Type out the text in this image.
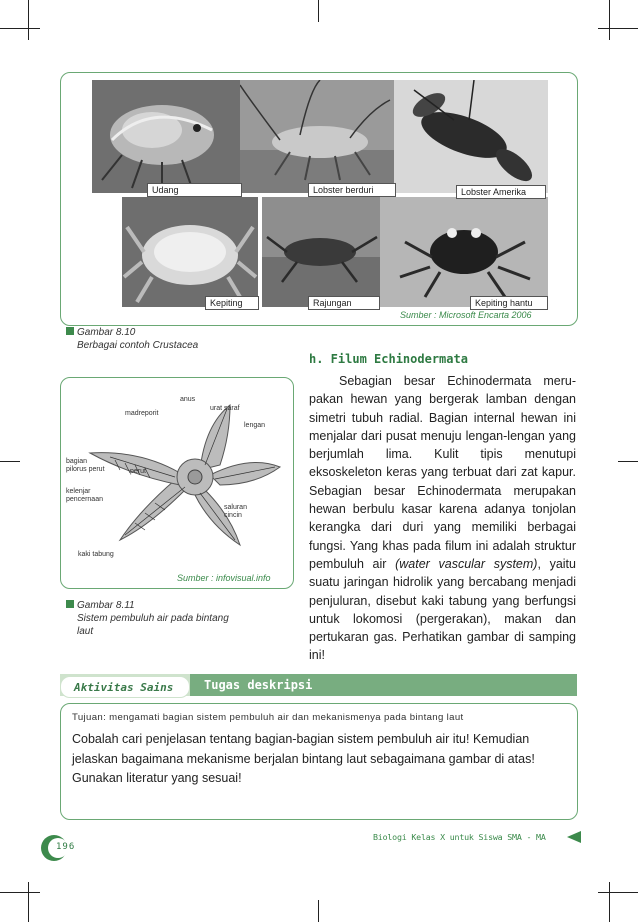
Udang	Lobster berduri	Lobster Amerika
Kepiting	Rajungan	Kepiting hantu
Sumber : Microsoft Encarta 2006
Gambar 8.10
Berbagai contoh Crustacea
anus
madreporit
urat saraf
lengan
bagian
pilorus perut	perut
kelenjar
pencernaan
saluran
cincin
kaki tabung
Sumber : infovisual.info
Gambar 8.11
Sistem pembuluh air pada bintang
laut
h. Filum Echinodermata

Sebagian besar Echinodermata meru-pakan hewan yang bergerak lamban dengan simetri tubuh radial. Bagian internal hewan ini menjalar dari pusat menuju lengan-lengan yang berjumlah lima. Kulit tipis menutupi eksoskeleton keras yang terbuat dari zat kapur. Sebagian besar Echinodermata merupakan hewan berbulu kasar karena adanya tonjolan kerangka dari duri yang memiliki berbagai fungsi. Yang khas pada filum ini adalah struktur pembuluh air (water vascular system), yaitu suatu jaringan hidrolik yang bercabang menjadi penjuluran, disebut kaki tabung yang berfungsi untuk lokomosi (pergerakan), makan dan pertukaran gas. Perhatikan gambar di samping ini!

Aktivitas Sains	Tugas deskripsi
Tujuan: mengamati bagian sistem pembuluh air dan mekanismenya pada bintang laut
Cobalah cari penjelasan tentang bagian-bagian sistem pembuluh air itu! Kemudian jelaskan bagaimana mekanisme berjalan bintang laut sebagaimana gambar di atas! Gunakan literatur yang sesuai!
Biologi Kelas X untuk Siswa SMA - MA
196
